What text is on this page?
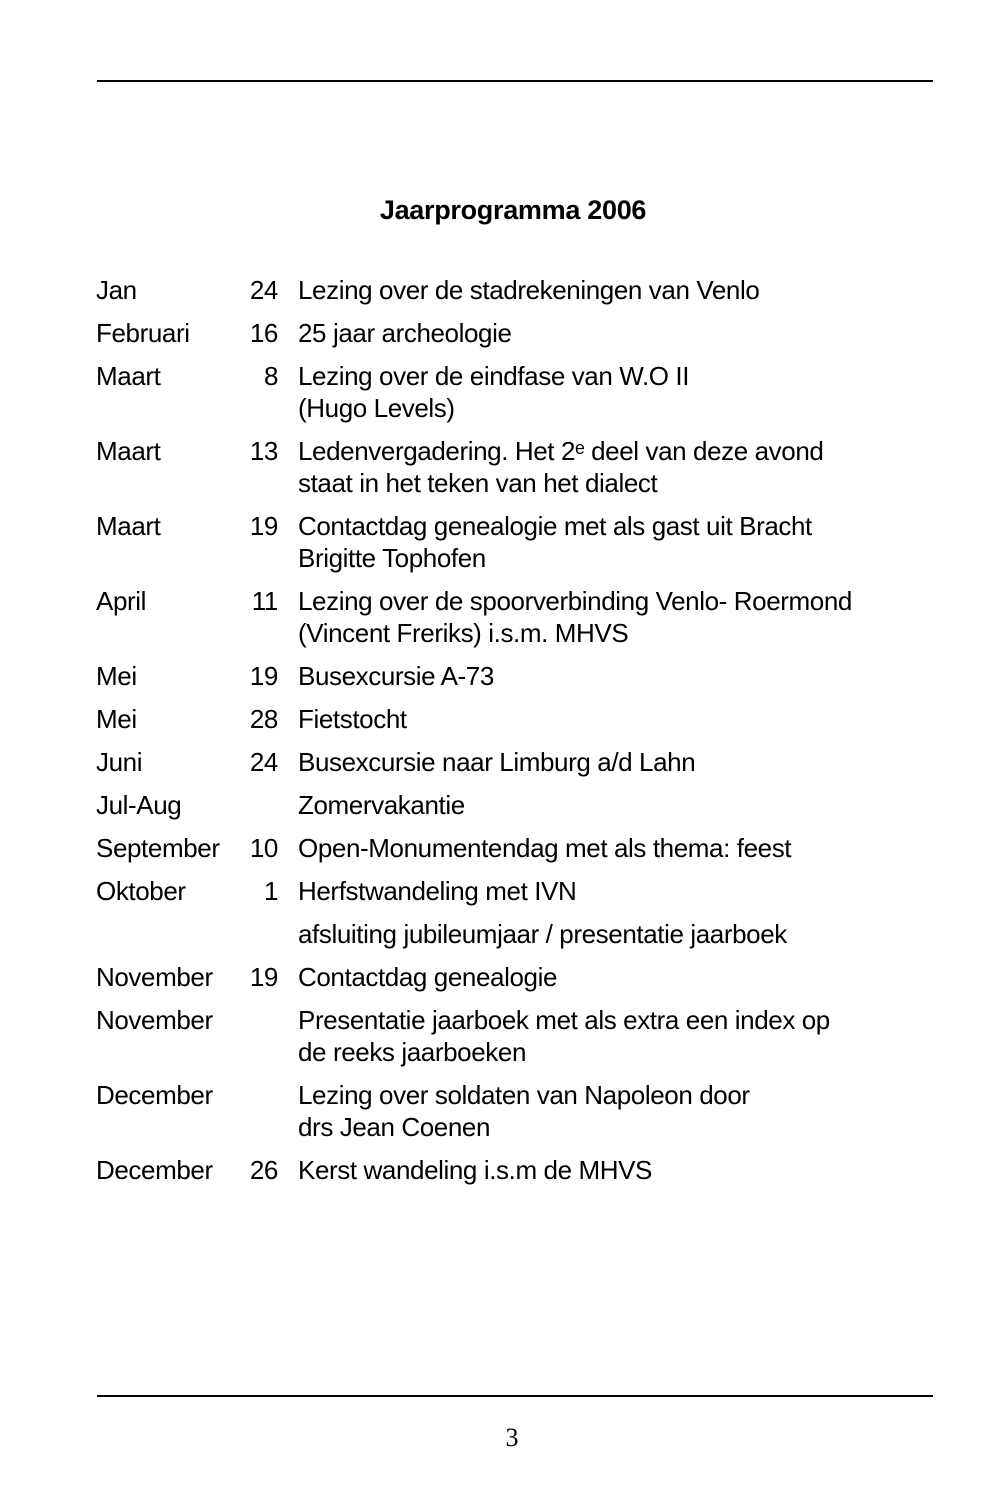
Jaarprogramma 2006
Jan	24 Lezing over de stadrekeningen van Venlo
Februari	16 25 jaar archeologie
Maart	8 Lezing over de eindfase van W.O II
(Hugo Levels)
Maart	13 Ledenvergadering. Het 2ᵉ deel van deze avond
staat in het teken van het dialect
Maart	19 Contactdag genealogie met als gast uit Bracht
Brigitte Tophofen
April	11 Lezing over de spoorverbinding Venlo- Roermond
(Vincent Freriks) i.s.m. MHVS
Mei	19 Busexcursie A-73
Mei	28 Fietstocht
Juni	24 Busexcursie naar Limburg a/d Lahn
Jul-Aug	Zomervakantie
September	10 Open-Monumentendag met als thema: feest
Oktober	1 Herfstwandeling met IVN
afsluiting jubileumjaar / presentatie jaarboek
November	19 Contactdag genealogie
November	Presentatie jaarboek met als extra een index op
de reeks jaarboeken
December	Lezing over soldaten van Napoleon door
drs Jean Coenen
December	26 Kerst wandeling i.s.m de MHVS
3
